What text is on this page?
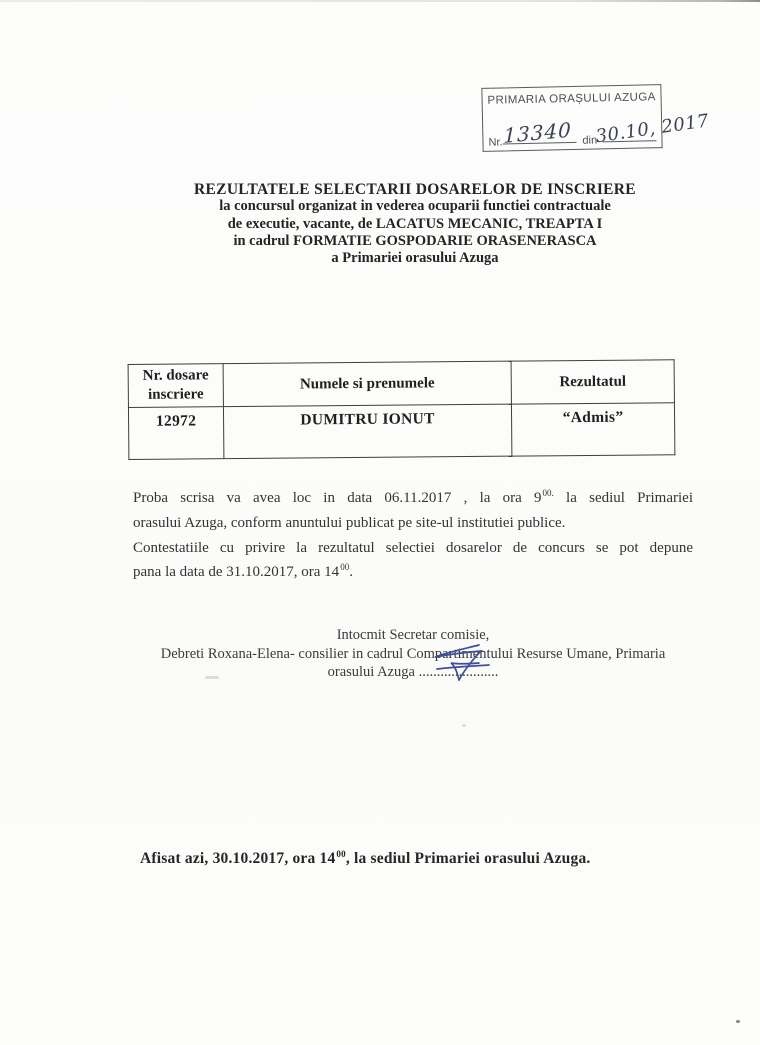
PRIMARIA ORAȘULUI AZUGA
Nr. 13340 din
30.10, 2017
REZULTATELE SELECTARII DOSARELOR DE INSCRIERE
la concursul organizat in vederea ocuparii functiei contractuale
de executie, vacante, de LACATUS MECANIC, TREAPTA I
in cadrul FORMATIE GOSPODARIE ORASENERASCA
a Primariei orasului Azuga
Nr. dosare inscriere	Numele si prenumele	Rezultatul
12972	DUMITRU IONUT	“Admis”
Proba scrisa va avea loc in data 06.11.2017 , la ora $9^{00.}$ la sediul Primariei
orasului Azuga, conform anuntului publicat pe site-ul institutiei publice.
Contestatiile cu privire la rezultatul selectiei dosarelor de concurs se pot depune
pana la data de 31.10.2017, ora $14^{00}$.
Intocmit Secretar comisie,
Debreti Roxana-Elena- consilier in cadrul Compartimentului Resurse Umane, Primaria
orasului Azuga ......................
Afisat azi, 30.10.2017, ora $14^{00}$, la sediul Primariei orasului Azuga.
